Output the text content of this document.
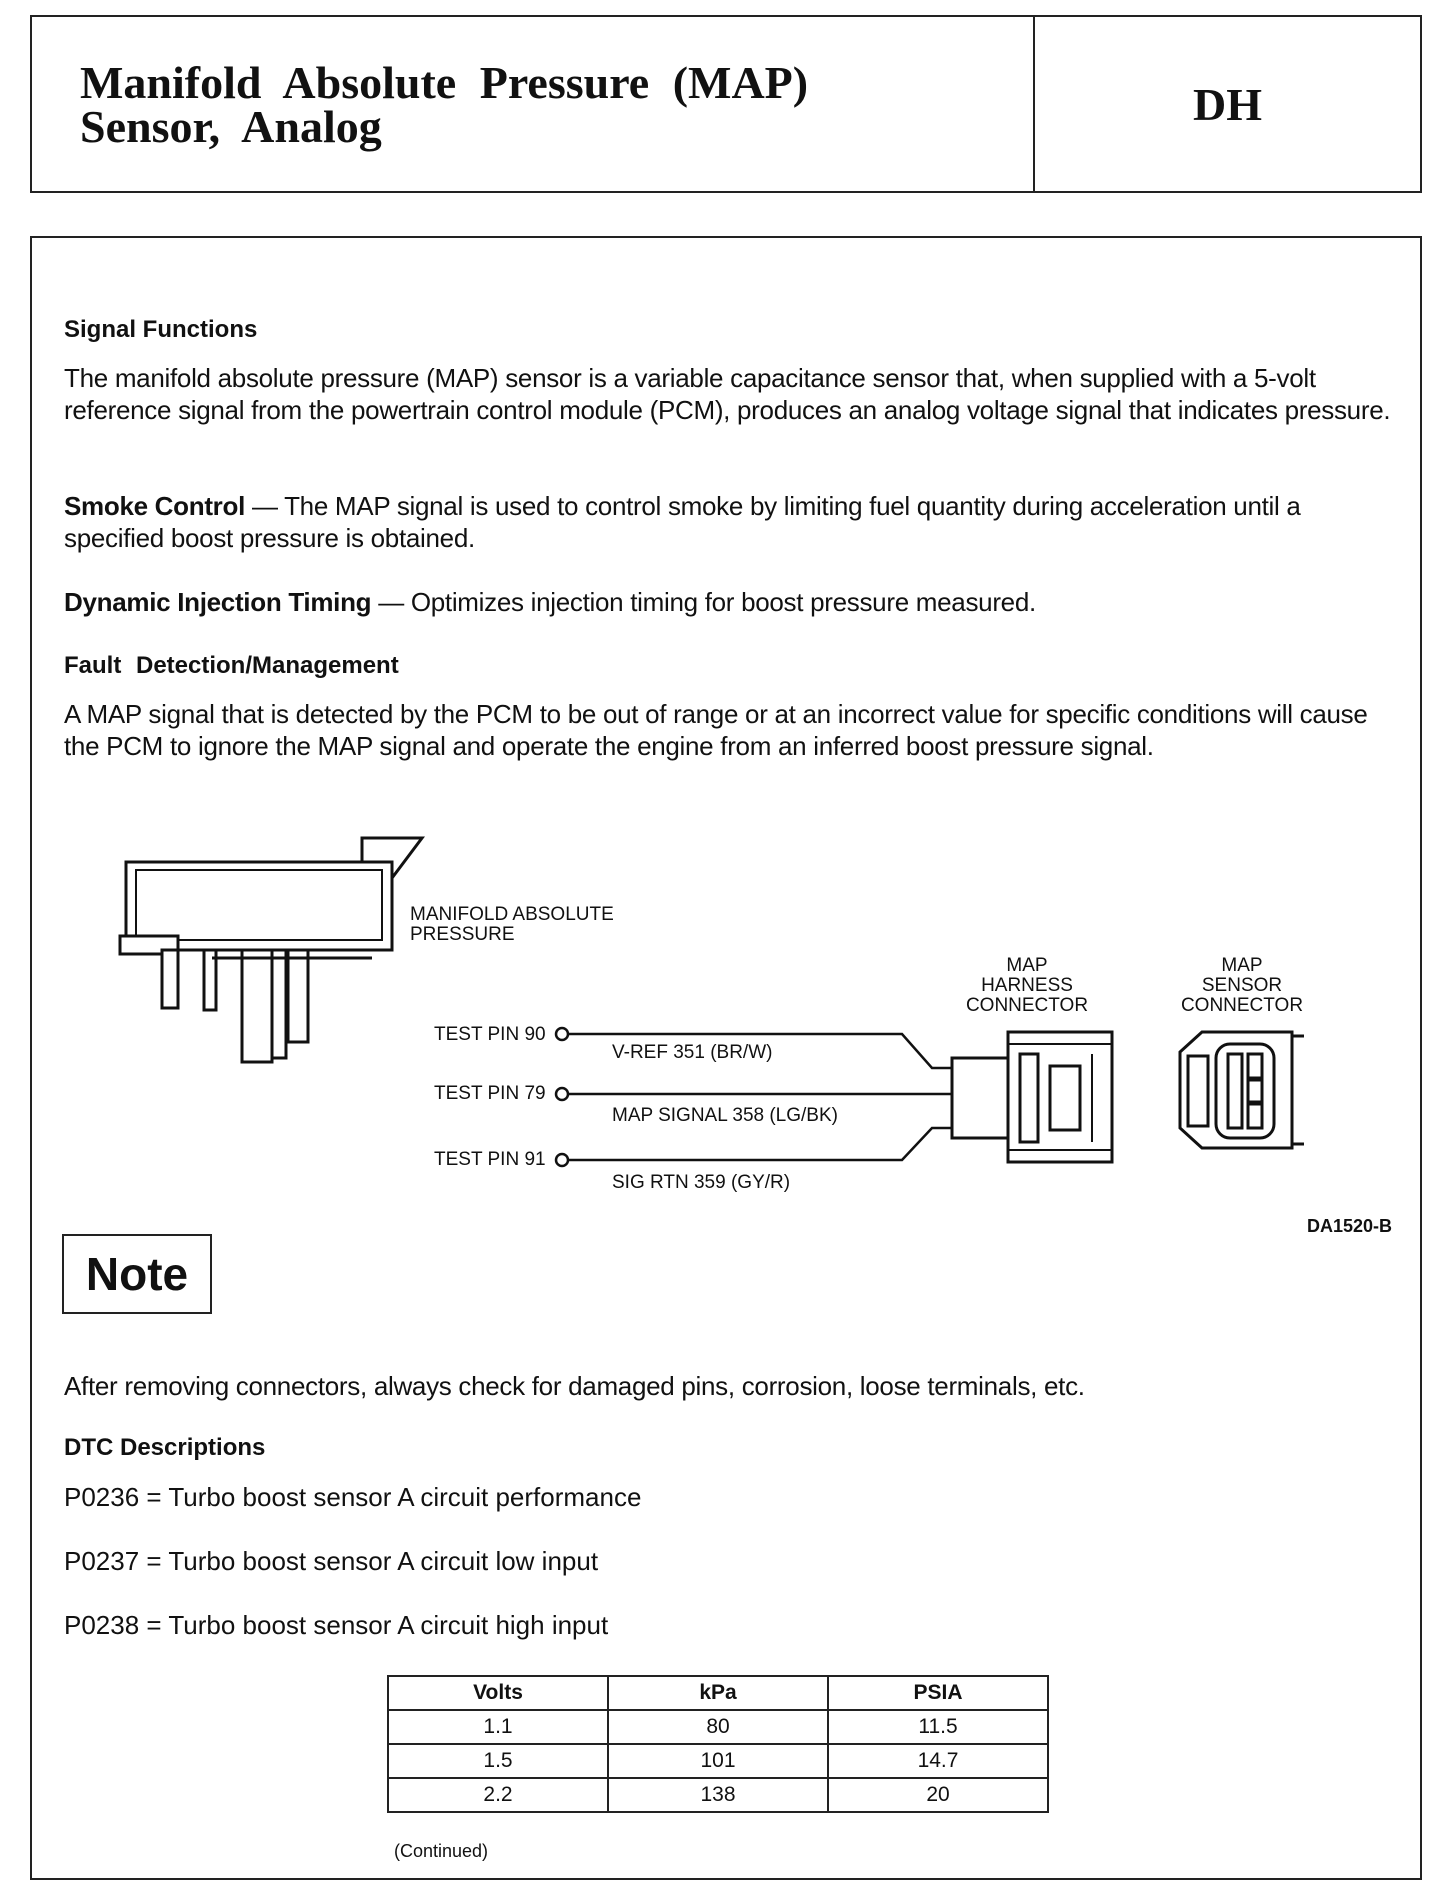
Manifold Absolute Pressure (MAP)
Sensor, Analog	DH
Signal Functions

The manifold absolute pressure (MAP) sensor is a variable capacitance sensor that, when supplied with a 5-volt reference signal from the powertrain control module (PCM), produces an analog voltage signal that indicates pressure.

Smoke Control — The MAP signal is used to control smoke by limiting fuel quantity during acceleration until a specified boost pressure is obtained.

Dynamic Injection Timing — Optimizes injection timing for boost pressure measured.

Fault Detection/Management

A MAP signal that is detected by the PCM to be out of range or at an incorrect value for specific conditions will cause the PCM to ignore the MAP signal and operate the engine from an inferred boost pressure signal.

MANIFOLD ABSOLUTE
PRESSURE
MAP
HARNESS
CONNECTOR
MAP
SENSOR
CONNECTOR
TEST PIN 90
TEST PIN 79
TEST PIN 91
V-REF 351 (BR/W)
MAP SIGNAL 358 (LG/BK)
SIG RTN 359 (GY/R)
DA1520-B
Note

After removing connectors, always check for damaged pins, corrosion, loose terminals, etc.

DTC Descriptions

P0236 = Turbo boost sensor A circuit performance

P0237 = Turbo boost sensor A circuit low input

P0238 = Turbo boost sensor A circuit high input

Volts	kPa	PSIA
1.1	80	11.5
1.5	101	14.7
2.2	138	20
(Continued)
